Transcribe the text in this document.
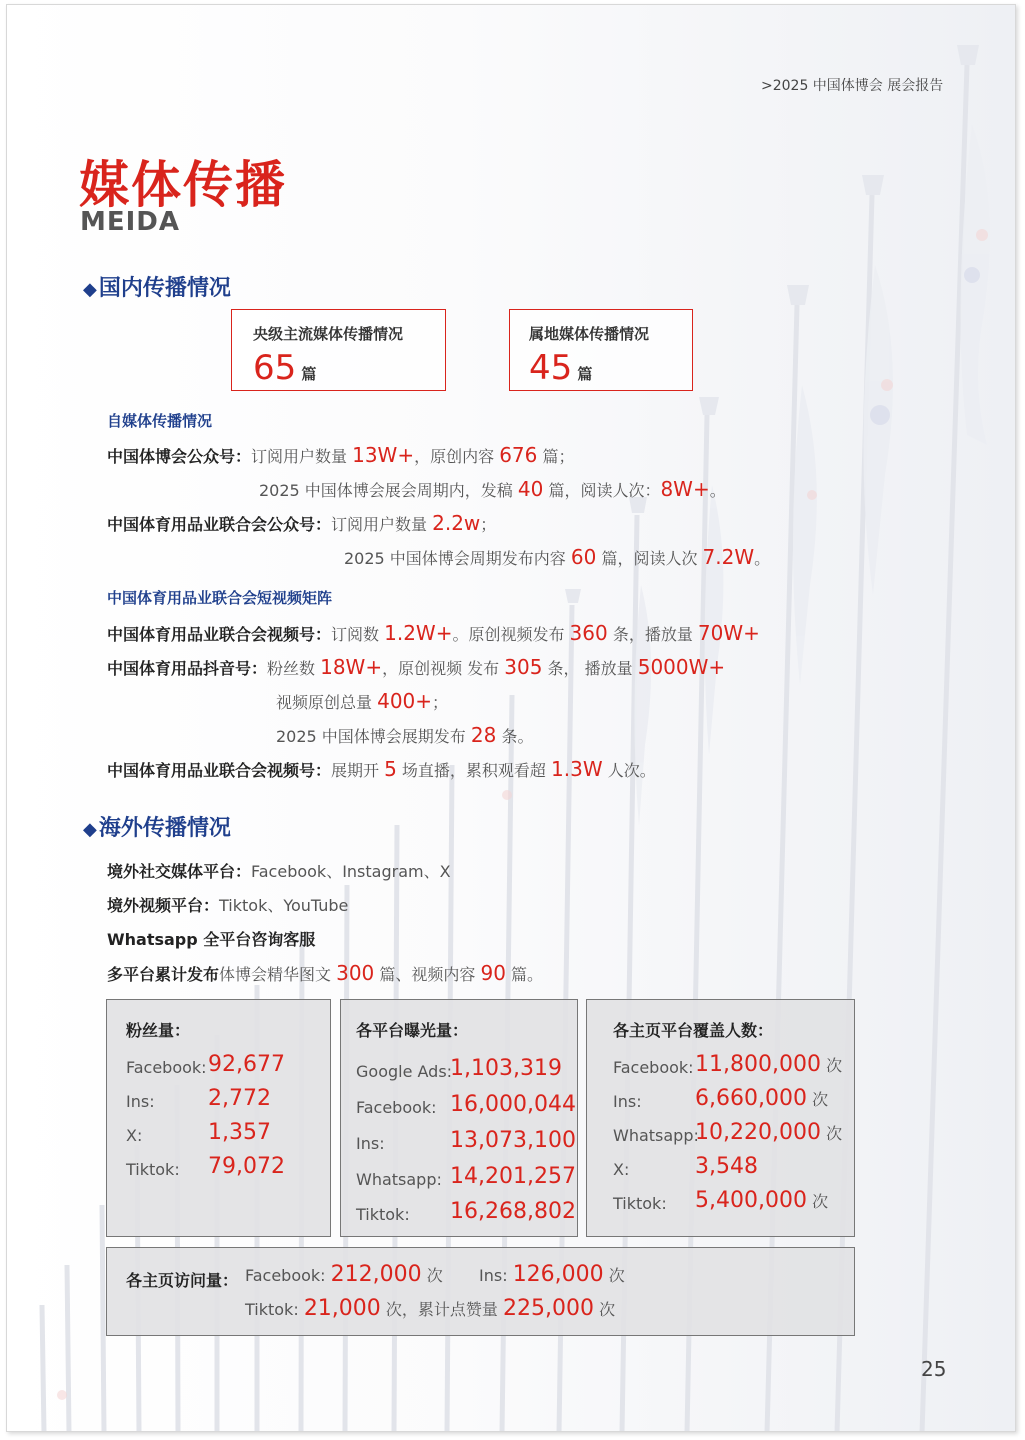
>2025 中国体博会 展会报告
媒体传播
MEIDA
◆国内传播情况
央级主流媒体传播情况
65 篇
属地媒体传播情况
45 篇
自媒体传播情况
中国体博会公众号：订阅用户数量 13W+，原创内容 676 篇；
2025 中国体博会展会周期内，发稿 40 篇，阅读人次：8W+。
中国体育用品业联合会公众号：订阅用户数量 2.2w；
2025 中国体博会周期发布内容 60 篇，阅读人次 7.2W。
中国体育用品业联合会短视频矩阵
中国体育用品业联合会视频号：订阅数 1.2W+。原创视频发布 360 条，播放量 70W+
中国体育用品抖音号：粉丝数 18W+，原创视频 发布 305 条， 播放量 5000W+
视频原创总量 400+；
2025 中国体博会展期发布 28 条。
中国体育用品业联合会视频号：展期开 5 场直播，累积观看超 1.3W 人次。
◆海外传播情况
境外社交媒体平台：Facebook、Instagram、X
境外视频平台：Tiktok、YouTube
Whatsapp 全平台咨询客服
多平台累计发布体博会精华图文 300 篇、视频内容 90 篇。
粉丝量：
Facebook: 92,677
Ins: 2,772
X:	1,357
Tiktok: 79,072
各平台曝光量：
Google Ads:
1,103,319
Facebook: 16,000,044
Ins:	13,073,100
Whatsapp: 14,201,257
Tiktok: 16,268,802
各主页平台覆盖人数：
Facebook: 11,800,000 次
Ins: 6,660,000 次
Whatsapp:
10,220,000 次
X:	3,548
Tiktok: 5,400,000 次
各主页访问量： Facebook: 212,000 次 Ins: 126,000 次
Tiktok: 21,000 次，累计点赞量 225,000 次
25
